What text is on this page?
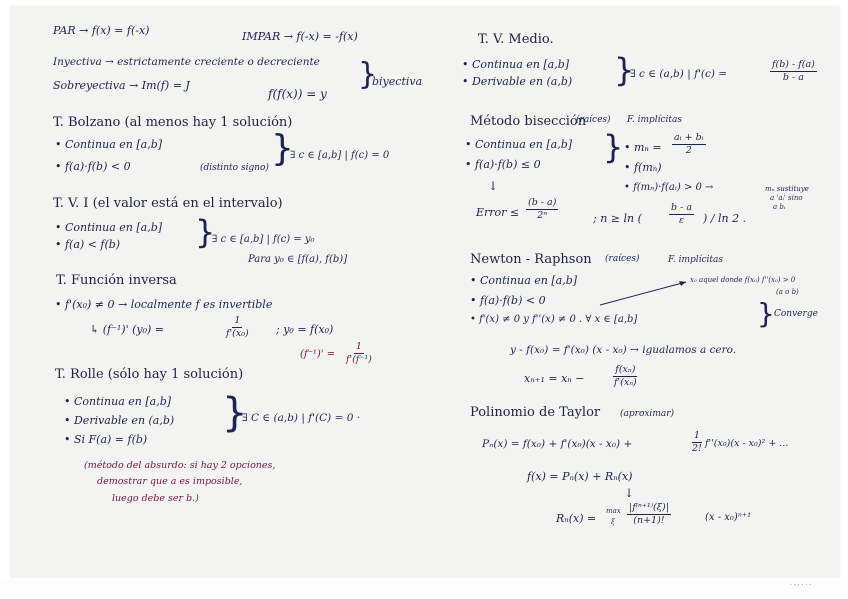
PAR → f(x) = f(-x)	IMPAR → f(-x) = -f(x)
Inyectiva → estrictamente creciente o decreciente
Sobreyectiva → Im(f) = J	}
biyectiva
f(f(x)) = y
T. Bolzano (al menos hay 1 solución)
• Continua en [a,b]
• f(a)·f(b) < 0	(distinto signo) }
∃ c ∈ [a,b] | f(c) = 0
T. V. I (el valor está en el intervalo)
• Continua en [a,b]
• f(a) < f(b) }
∃ c ∈ [a,b] | f(c) = y₀
Para y₀ ∈ [f(a), f(b)]
T. Función inversa
• f'(x₀) ≠ 0 → localmente f es invertible
↳ (f⁻¹)' (y₀) =	$\frac{1}{\text{f'(x₀)}}$ ; y₀ = f(x₀)
$(f^{-1})' = \frac{1}{\text{f'(f⁻¹)}}$
T. Rolle (sólo hay 1 solución)
• Continua en [a,b]
• Derivable en (a,b)
• Si F(a) = f(b)
}
∃ C ∈ (a,b) | f'(C) = 0 ·
(método del absurdo: si hay 2 opciones,
demostrar que a es imposible,
luego debe ser b.)
T. V. Medio.
• Continua en [a,b]
• Derivable en (a,b) }
∃ c ∈ (a,b) | f'(c) =	$\frac{f(b) - f(a)}{b - a}$
Método bisección
(raíces) F. implícitas
• Continua en [a,b]
• f(a)·f(b) ≤ 0 } • $m_n = \frac{\text{aᵢ + bᵢ}}{2}$
• f(mₙ)
• f(mₙ)·f(aᵢ) > 0 →	mₙ sustituye
a 'aᵢ' sino
a bᵢ
↓
Error ≤ $\frac{(b - a)}{\text{2ⁿ}}$	; n ≥ ln (	$\frac{b - a}{\varepsilon}$ ) / ln 2 .
Newton - Raphson (raíces)	F. implícitas
• Continua en [a,b]
• f(a)·f(b) < 0
• f'(x) ≠ 0 y f''(x) ≠ 0 . ∀ x ∈ [a,b]
x₀ aquel donde f(x₀) f''(x₀) > 0
(a o b)
} Converge
y - f(x₀) = f'(x₀) (x - x₀) → igualamos a cero.
xₙ₊₁ = xₙ −	$\frac{\text{f(xₙ)}}{\text{f'(xₙ)}}$
Polinomio de Taylor (aproximar)
Pₙ(x) = f(x₀) + f'(x₀)(x - x₀) +	$\frac{1}{2!} f''(x_0)(x - x_0)^2$ + ...
f(x) = Pₙ(x) + Rₙ(x)
↓
Rₙ(x) =
max
ξ $\frac{\text{|f⁽ⁿ⁺¹⁾(ξ)|}}{(n+1)!}$	(x - x₀)ⁿ⁺¹
· · · · · ·
